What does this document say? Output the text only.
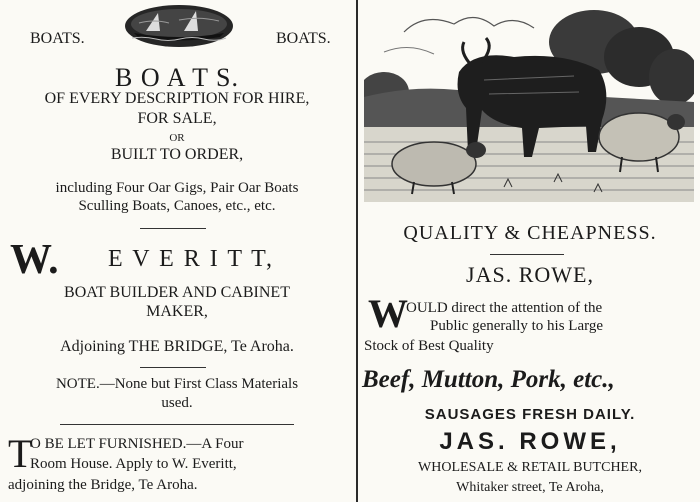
BOATS.	BOATS.
B O A T S.
OF EVERY DESCRIPTION FOR HIRE,
FOR SALE,
OR
BUILT TO ORDER,
including Four Oar Gigs, Pair Oar Boats
Sculling Boats, Canoes, etc., etc.
W. E V E R I T T,
BOAT BUILDER AND CABINET
MAKER,
Adjoining THE BRIDGE, Te Aroha.
NOTE.—None but First Class Materials
used.
T
O BE LET FURNISHED.—A Four
Room House. Apply to W. Everitt,
adjoining the Bridge, Te Aroha.
QUALITY & CHEAPNESS.
JAS. ROWE,
W
OULD direct the attention of the
Public generally to his Large
Stock of Best Quality
Beef, Mutton, Pork, etc.,
SAUSAGES FRESH DAILY.
JAS. ROWE,
WHOLESALE & RETAIL BUTCHER,
Whitaker street, Te Aroha,
